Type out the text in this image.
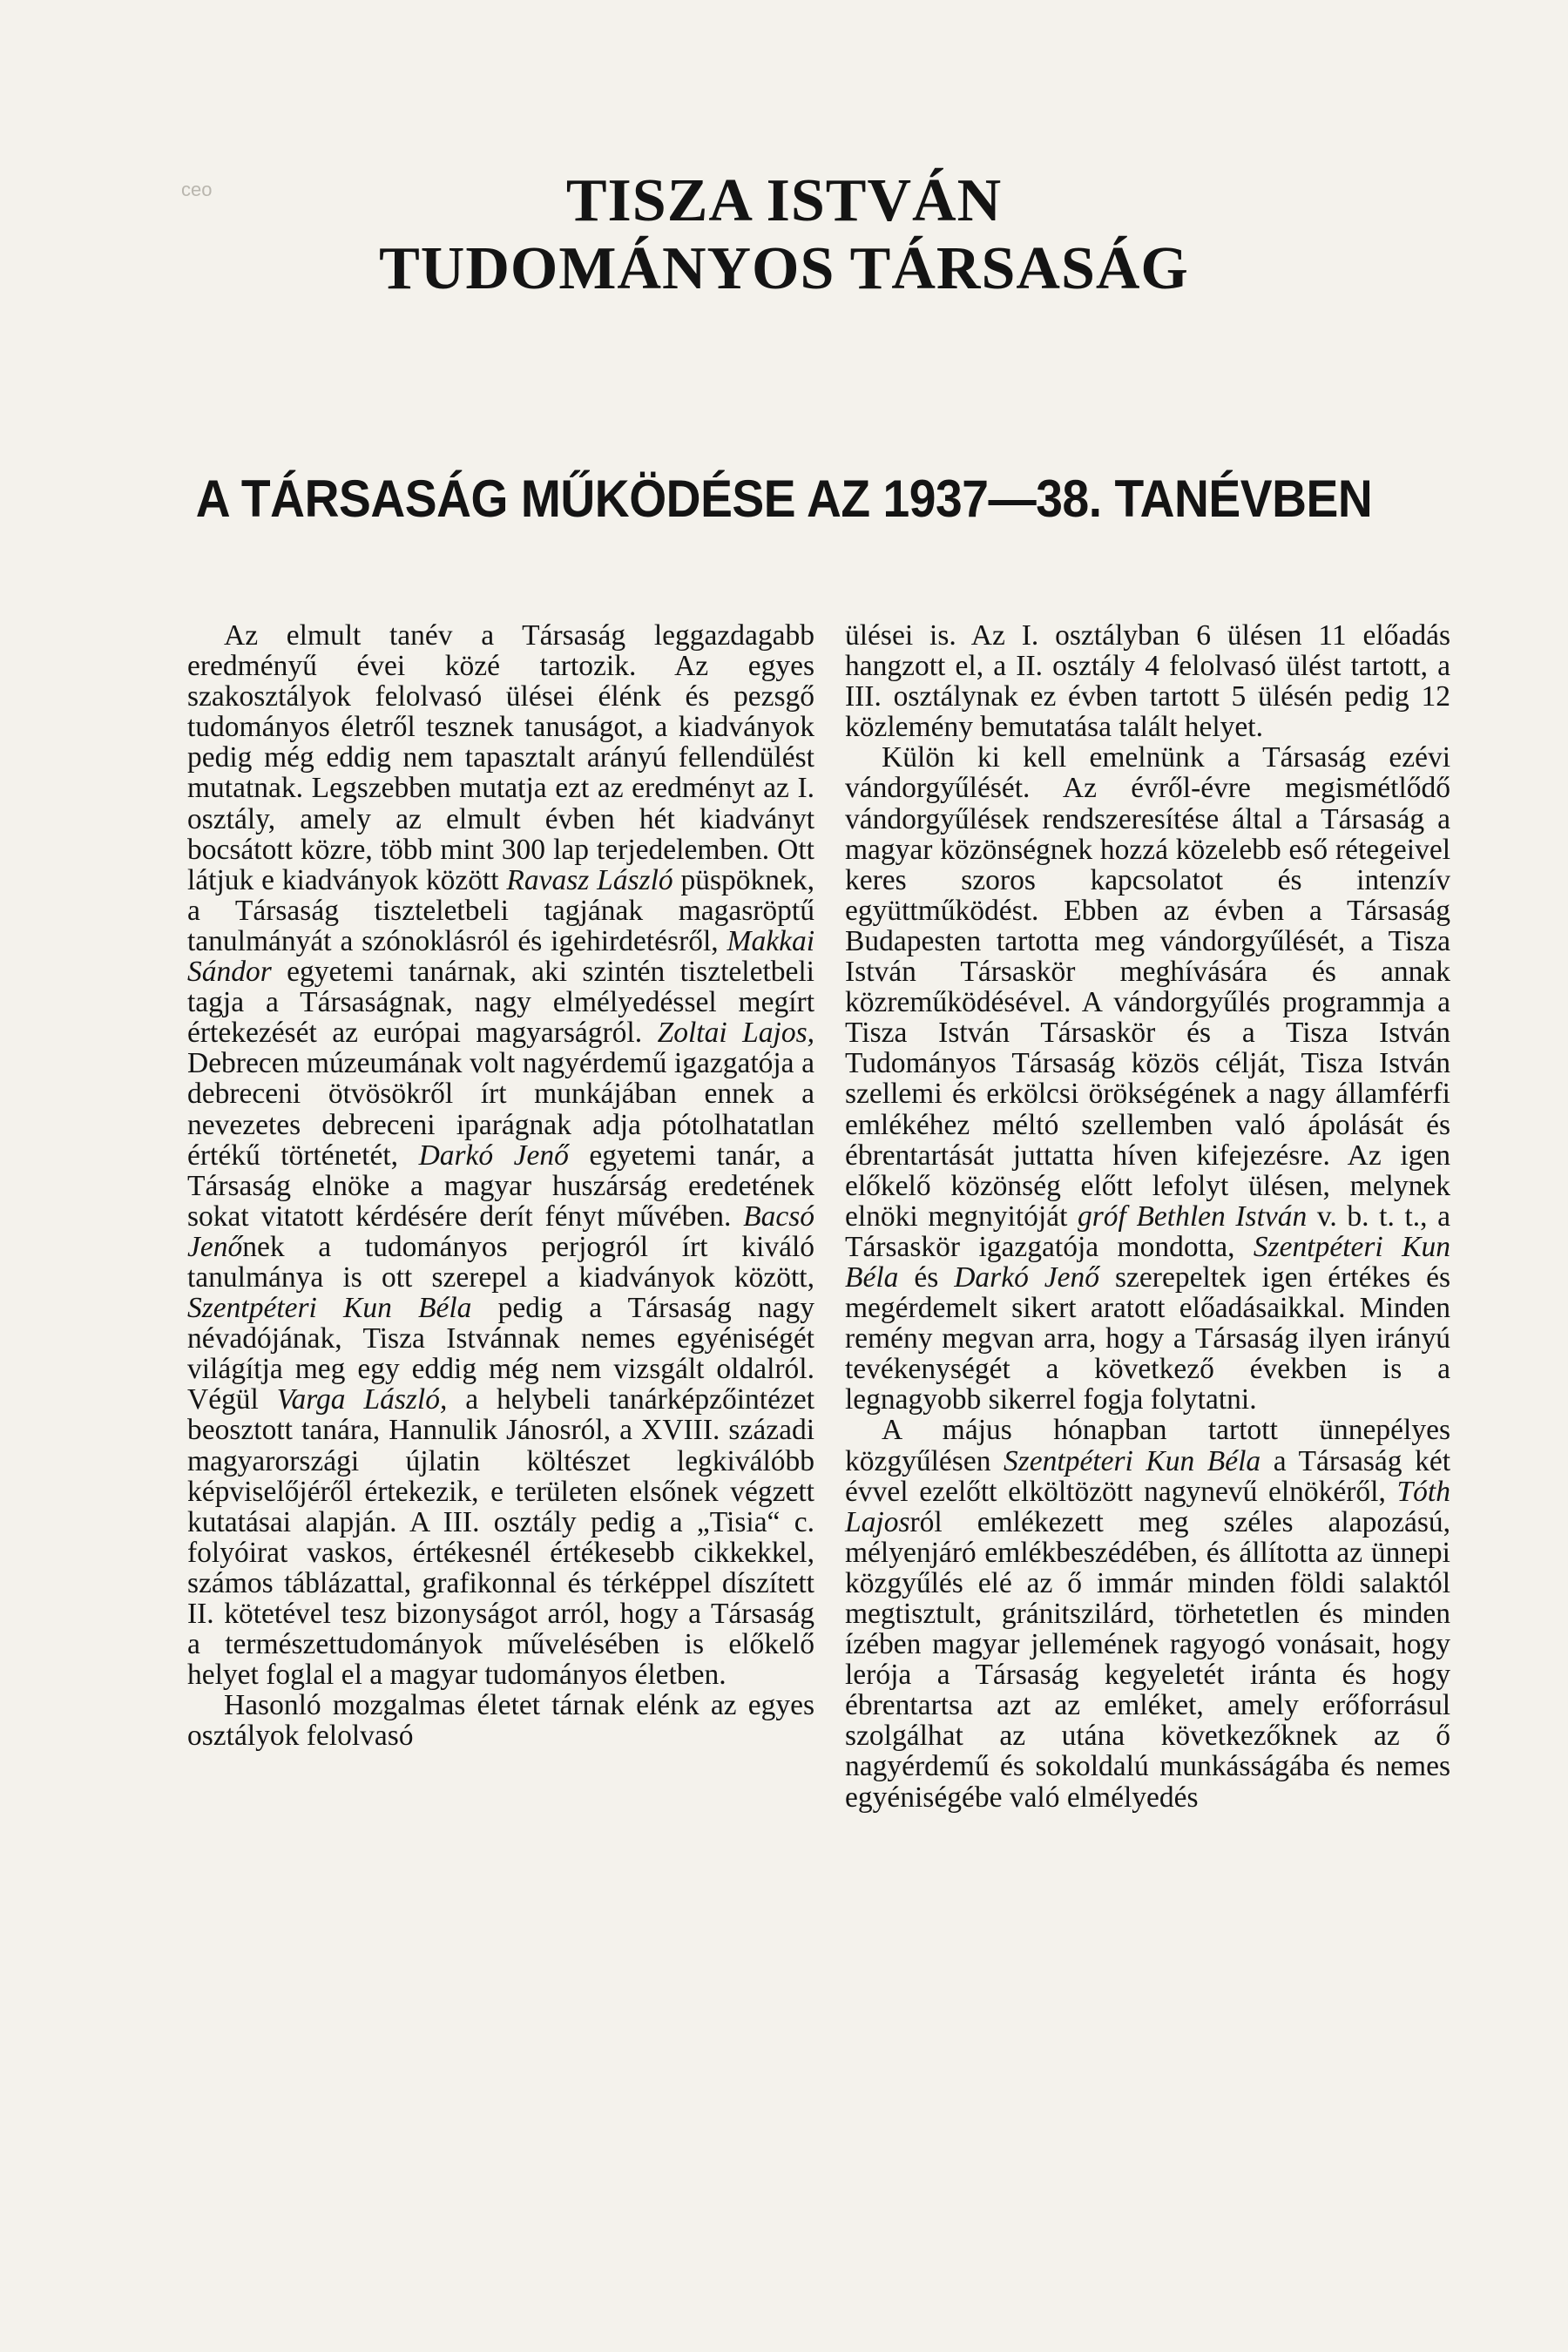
ceo	TISZA ISTVÁN
TUDOMÁNYOS TÁRSASÁG
A TÁRSASÁG MŰKÖDÉSE AZ 1937—38. TANÉVBEN

Az elmult tanév a Társaság leggazdagabb eredményű évei közé tartozik. Az egyes szakosztályok felolvasó ülései élénk és pezsgő tudományos életről tesznek tanuságot, a kiadványok pedig még eddig nem tapasztalt arányú fellendülést mutatnak. Legszebben mutatja ezt az eredményt az I. osztály, amely az elmult évben hét kiadványt bocsátott közre, több mint 300 lap terjedelemben. Ott látjuk e kiadványok között Ravasz László püspöknek, a Társaság tiszteletbeli tagjának magasröptű tanulmányát a szónoklásról és igehirdetésről, Makkai Sándor egyetemi tanárnak, aki szintén tiszteletbeli tagja a Társaságnak, nagy elmélyedéssel megírt értekezését az európai magyarságról. Zoltai Lajos, Debrecen múzeumának volt nagyérdemű igazgatója a debreceni ötvösökről írt munkájában ennek a nevezetes debreceni iparágnak adja pótolhatatlan értékű történetét, Darkó Jenő egyetemi tanár, a Társaság elnöke a magyar huszárság eredetének sokat vitatott kérdésére derít fényt művében. Bacsó Jenőnek a tudományos perjogról írt kiváló tanulmánya is ott szerepel a kiadványok között, Szentpéteri Kun Béla pedig a Társaság nagy névadójának, Tisza Istvánnak nemes egyéniségét világítja meg egy eddig még nem vizsgált oldalról. Végül Varga László, a helybeli tanárképzőintézet beosztott tanára, Hannulik Jánosról, a XVIII. századi magyarországi újlatin költészet legkiválóbb képviselőjéről értekezik, e területen elsőnek végzett kutatásai alapján. A III. osztály pedig a „Tisia“ c. folyóirat vaskos, értékesnél értékesebb cikkekkel, számos táblázattal, grafikonnal és térképpel díszített II. kötetével tesz bizonyságot arról, hogy a Társaság a természettudományok művelésében is előkelő helyet foglal el a magyar tudományos életben.

Hasonló mozgalmas életet tárnak elénk az egyes osztályok felolvasó

ülései is. Az I. osztályban 6 ülésen 11 előadás hangzott el, a II. osztály 4 felolvasó ülést tartott, a III. osztálynak ez évben tartott 5 ülésén pedig 12 közlemény bemutatása talált helyet.

Külön ki kell emelnünk a Társaság ezévi vándorgyűlését. Az évről-évre megismétlődő vándorgyűlések rendszeresítése által a Társaság a magyar közönségnek hozzá közelebb eső rétegeivel keres szoros kapcsolatot és intenzív együttműködést. Ebben az évben a Társaság Budapesten tartotta meg vándorgyűlését, a Tisza István Társaskör meghívására és annak közreműködésével. A vándorgyűlés programmja a Tisza István Társaskör és a Tisza István Tudományos Társaság közös célját, Tisza István szellemi és erkölcsi örökségének a nagy államférfi emlékéhez méltó szellemben való ápolását és ébrentartását juttatta híven kifejezésre. Az igen előkelő közönség előtt lefolyt ülésen, melynek elnöki megnyitóját gróf Bethlen István v. b. t. t., a Társaskör igazgatója mondotta, Szentpéteri Kun Béla és Darkó Jenő szerepeltek igen értékes és megérdemelt sikert aratott előadásaikkal. Minden remény megvan arra, hogy a Társaság ilyen irányú tevékenységét a következő években is a legnagyobb sikerrel fogja folytatni.

A május hónapban tartott ünnepélyes közgyűlésen Szentpéteri Kun Béla a Társaság két évvel ezelőtt elköltözött nagynevű elnökéről, Tóth Lajosról emlékezett meg széles alapozású, mélyenjáró emlékbeszédében, és állította az ünnepi közgyűlés elé az ő immár minden földi salaktól megtisztult, gránitszilárd, törhetetlen és minden ízében magyar jellemének ragyogó vonásait, hogy lerója a Társaság kegyeletét iránta és hogy ébrentartsa azt az emléket, amely erőforrásul szolgálhat az utána következőknek az ő nagyérdemű és sokoldalú munkásságába és nemes egyéniségébe való elmélyedés
